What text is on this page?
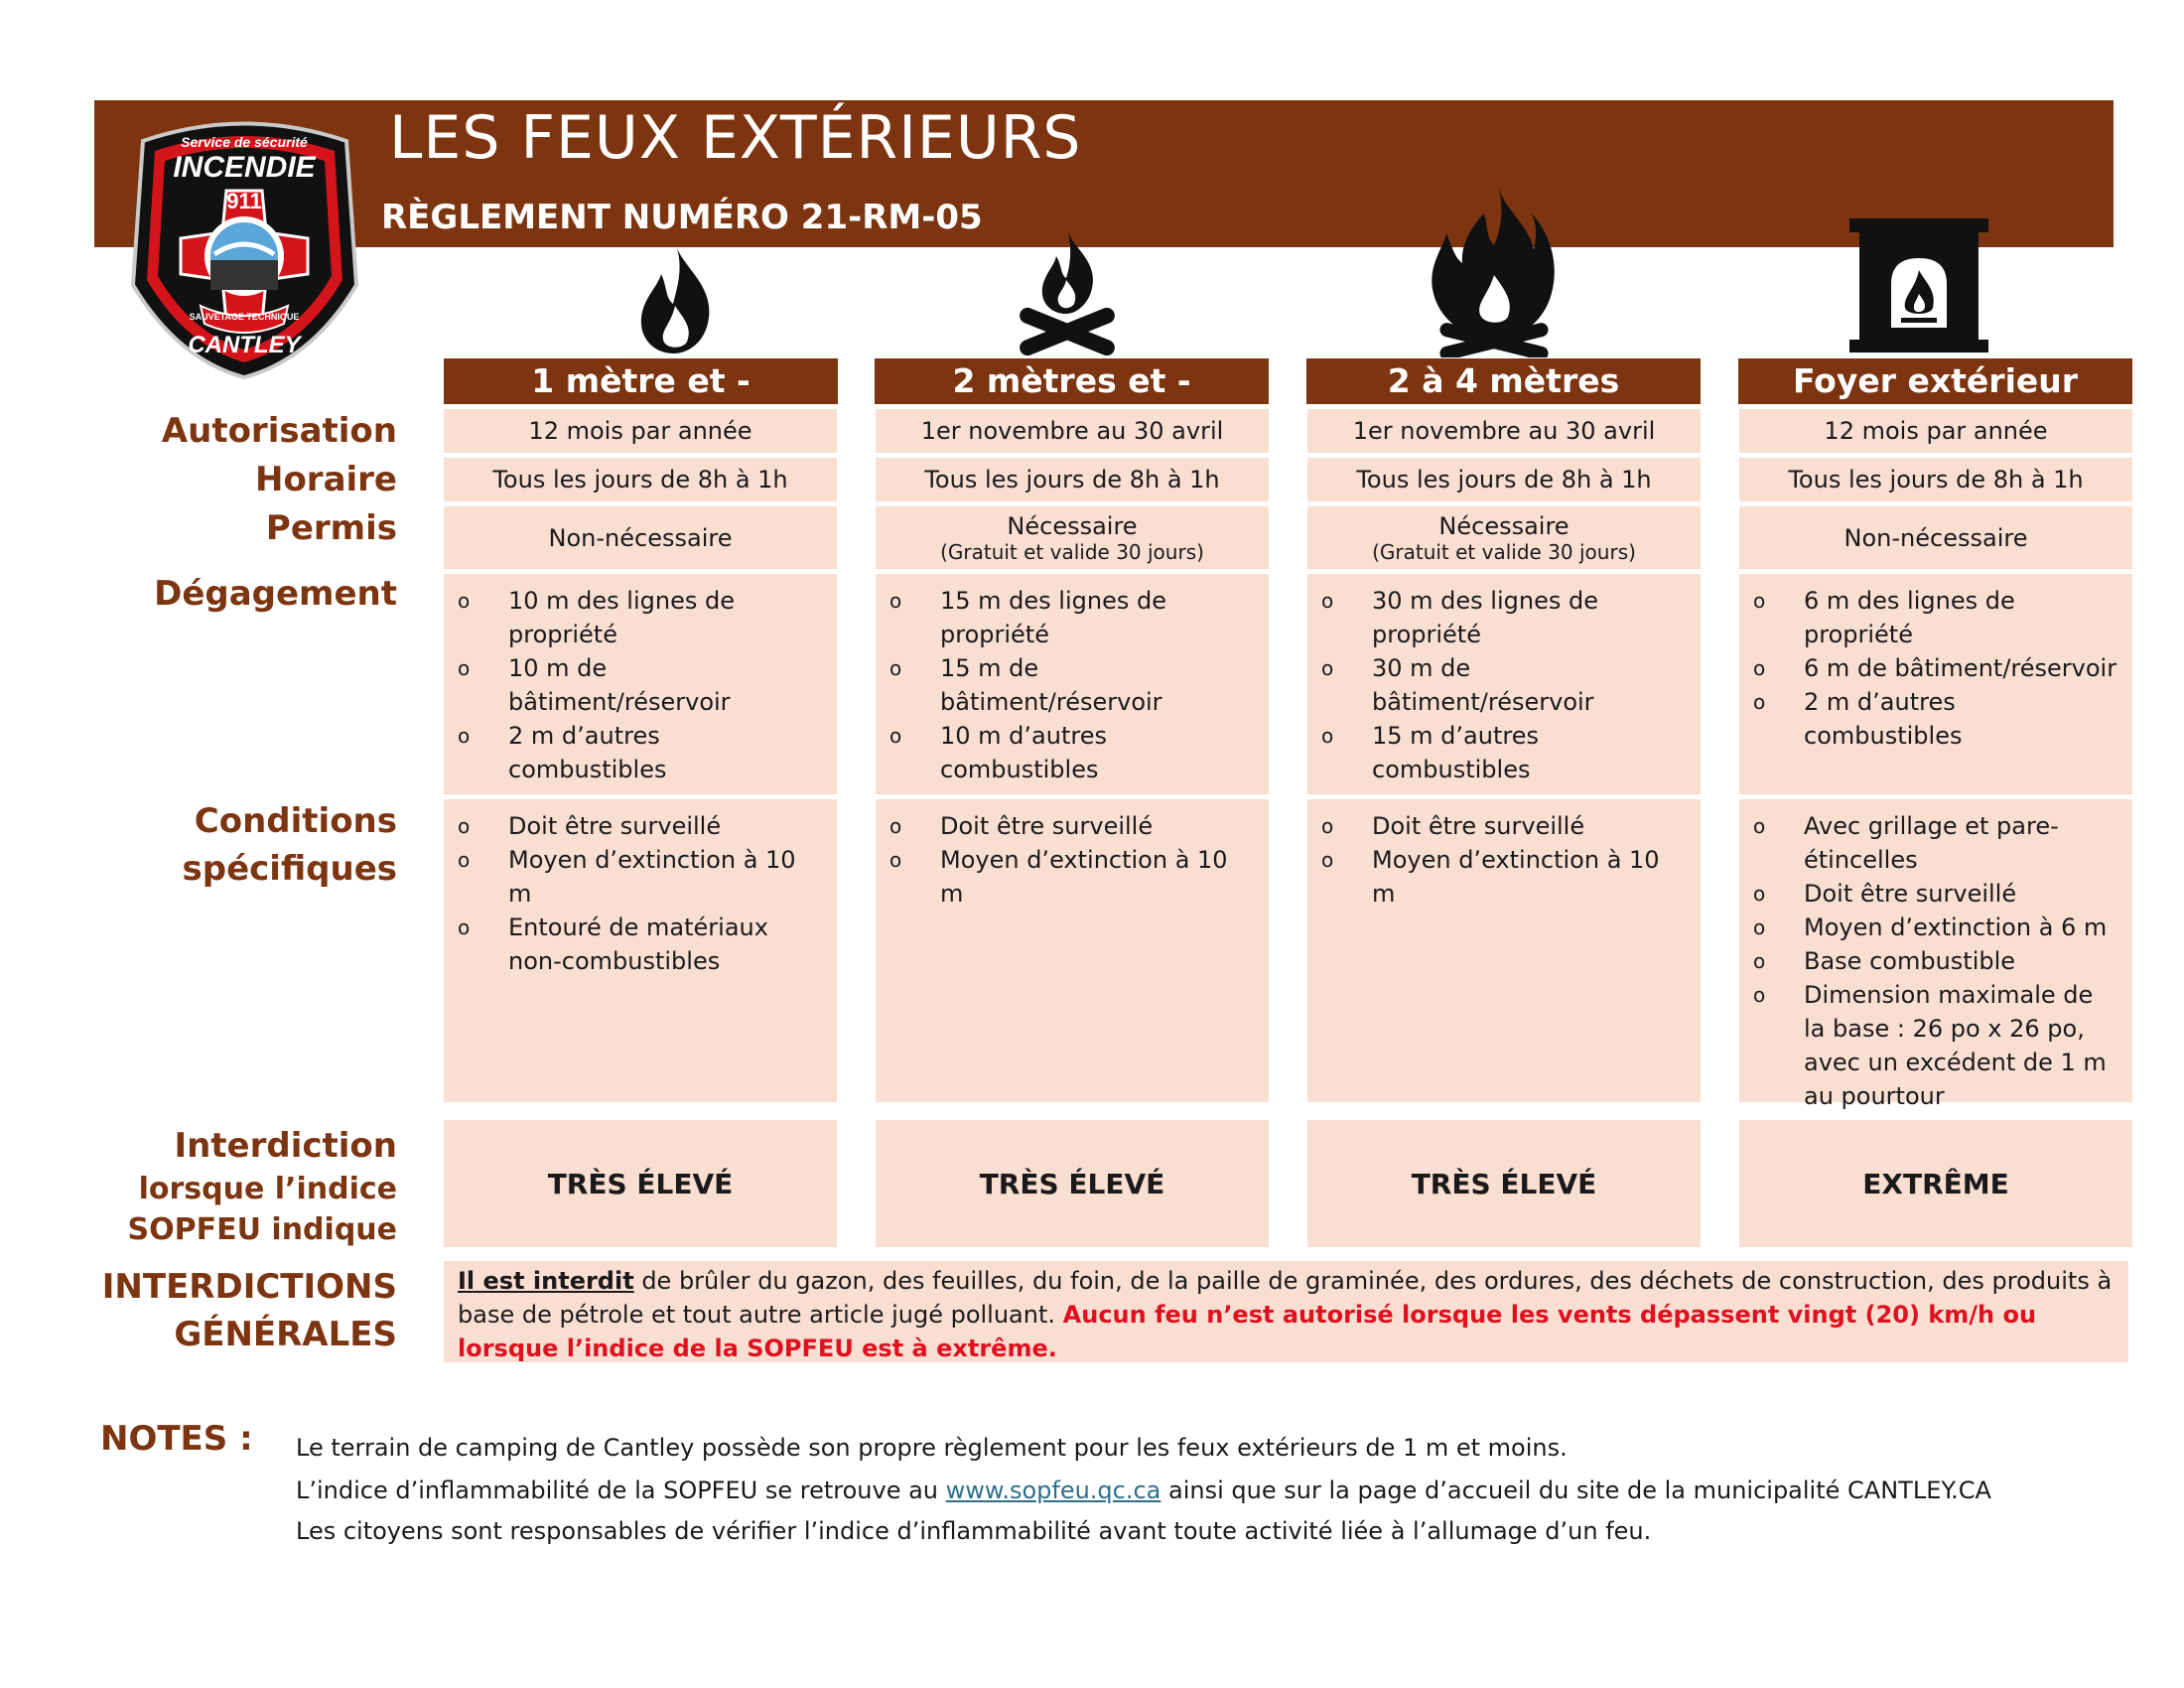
LES FEUX EXTÉRIEURS
RÈGLEMENT NUMÉRO 21-RM-05
Service de sécurité
INCENDIE
911
SAUVETAGE TECHNIQUE
CANTLEY
Autorisation
Horaire
Permis
Dégagement
Conditions
spécifiques
Interdiction
lorsque l’indice
SOPFEU indique
INTERDICTIONS
GÉNÉRALES
1 mètre et -
12 mois par année
Tous les jours de 8h à 1h
Non-nécessaire
o 10 m des lignes de propriété
o 10 m de bâtiment/réservoir
o 2 m d’autres combustibles
o Doit être surveillé
o Moyen d’extinction à 10 m
o Entouré de matériaux non-combustibles
TRÈS ÉLEVÉ
2 mètres et -
1er novembre au 30 avril
Tous les jours de 8h à 1h
Nécessaire
(Gratuit et valide 30 jours)
o 15 m des lignes de propriété
o 15 m de bâtiment/réservoir
o 10 m d’autres combustibles
o Doit être surveillé
o Moyen d’extinction à 10 m
TRÈS ÉLEVÉ
2 à 4 mètres
1er novembre au 30 avril
Tous les jours de 8h à 1h
Nécessaire
(Gratuit et valide 30 jours)
o 30 m des lignes de propriété
o 30 m de bâtiment/réservoir
o 15 m d’autres combustibles
o Doit être surveillé
o Moyen d’extinction à 10 m
TRÈS ÉLEVÉ
Foyer extérieur
12 mois par année
Tous les jours de 8h à 1h
Non-nécessaire
o 6 m des lignes de propriété
o 6 m de bâtiment/réservoir
o 2 m d’autres combustibles
o Avec grillage et pare-étincelles
o Doit être surveillé
o Moyen d’extinction à 6 m
o Base combustible
o Dimension maximale de la base : 26 po x 26 po, avec un excédent de 1 m au pourtour
EXTRÊME
Il est interdit de brûler du gazon, des feuilles, du foin, de la paille de graminée, des ordures, des déchets de construction, des produits à base de pétrole et tout autre article jugé polluant. Aucun feu n’est autorisé lorsque les vents dépassent vingt (20) km/h ou lorsque l’indice de la SOPFEU est à extrême.
NOTES : Le terrain de camping de Cantley possède son propre règlement pour les feux extérieurs de 1 m et moins.
L’indice d’inflammabilité de la SOPFEU se retrouve au www.sopfeu.qc.ca ainsi que sur la page d’accueil du site de la municipalité CANTLEY.CA
Les citoyens sont responsables de vérifier l’indice d’inflammabilité avant toute activité liée à l’allumage d’un feu.
